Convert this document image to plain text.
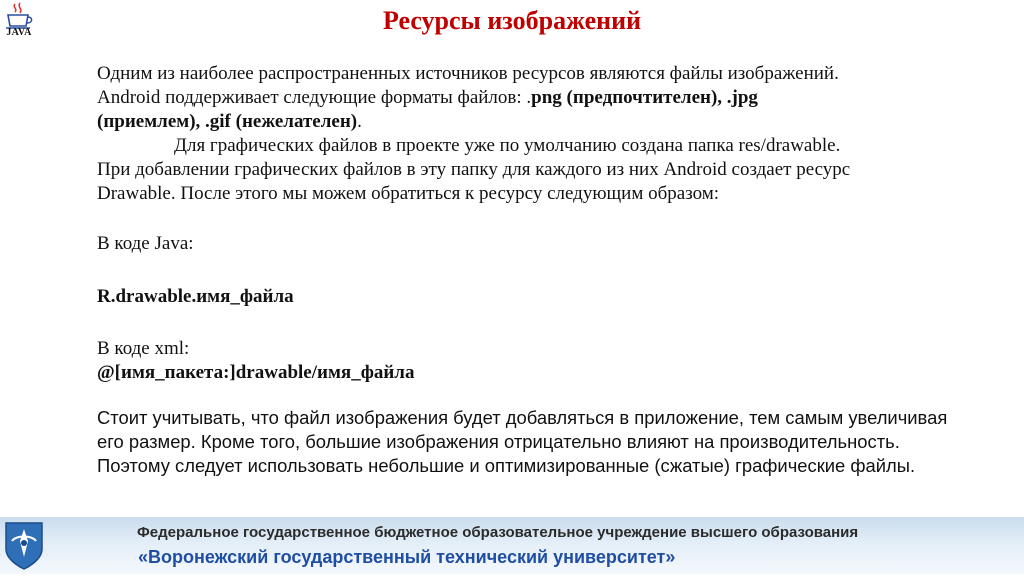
JAVA	Ресурсы изображений

Одним из наиболее распространенных источников ресурсов являются файлы изображений.

Android поддерживает следующие форматы файлов: .png (предпочтителен), .jpg

(приемлем), .gif (нежелателен).

Для графических файлов в проекте уже по умолчанию создана папка res/drawable.

При добавлении графических файлов в эту папку для каждого из них Android создает ресурс

Drawable. После этого мы можем обратиться к ресурсу следующим образом:

В коде Java:

R.drawable.имя_файла

В коде xml:

@[имя_пакета:]drawable/имя_файла

Стоит учитывать, что файл изображения будет добавляться в приложение, тем самым увеличивая

его размер. Кроме того, большие изображения отрицательно влияют на производительность.

Поэтому следует использовать небольшие и оптимизированные (сжатые) графические файлы.

Федеральное государственное бюджетное образовательное учреждение высшего образования
«Воронежский государственный технический университет»
